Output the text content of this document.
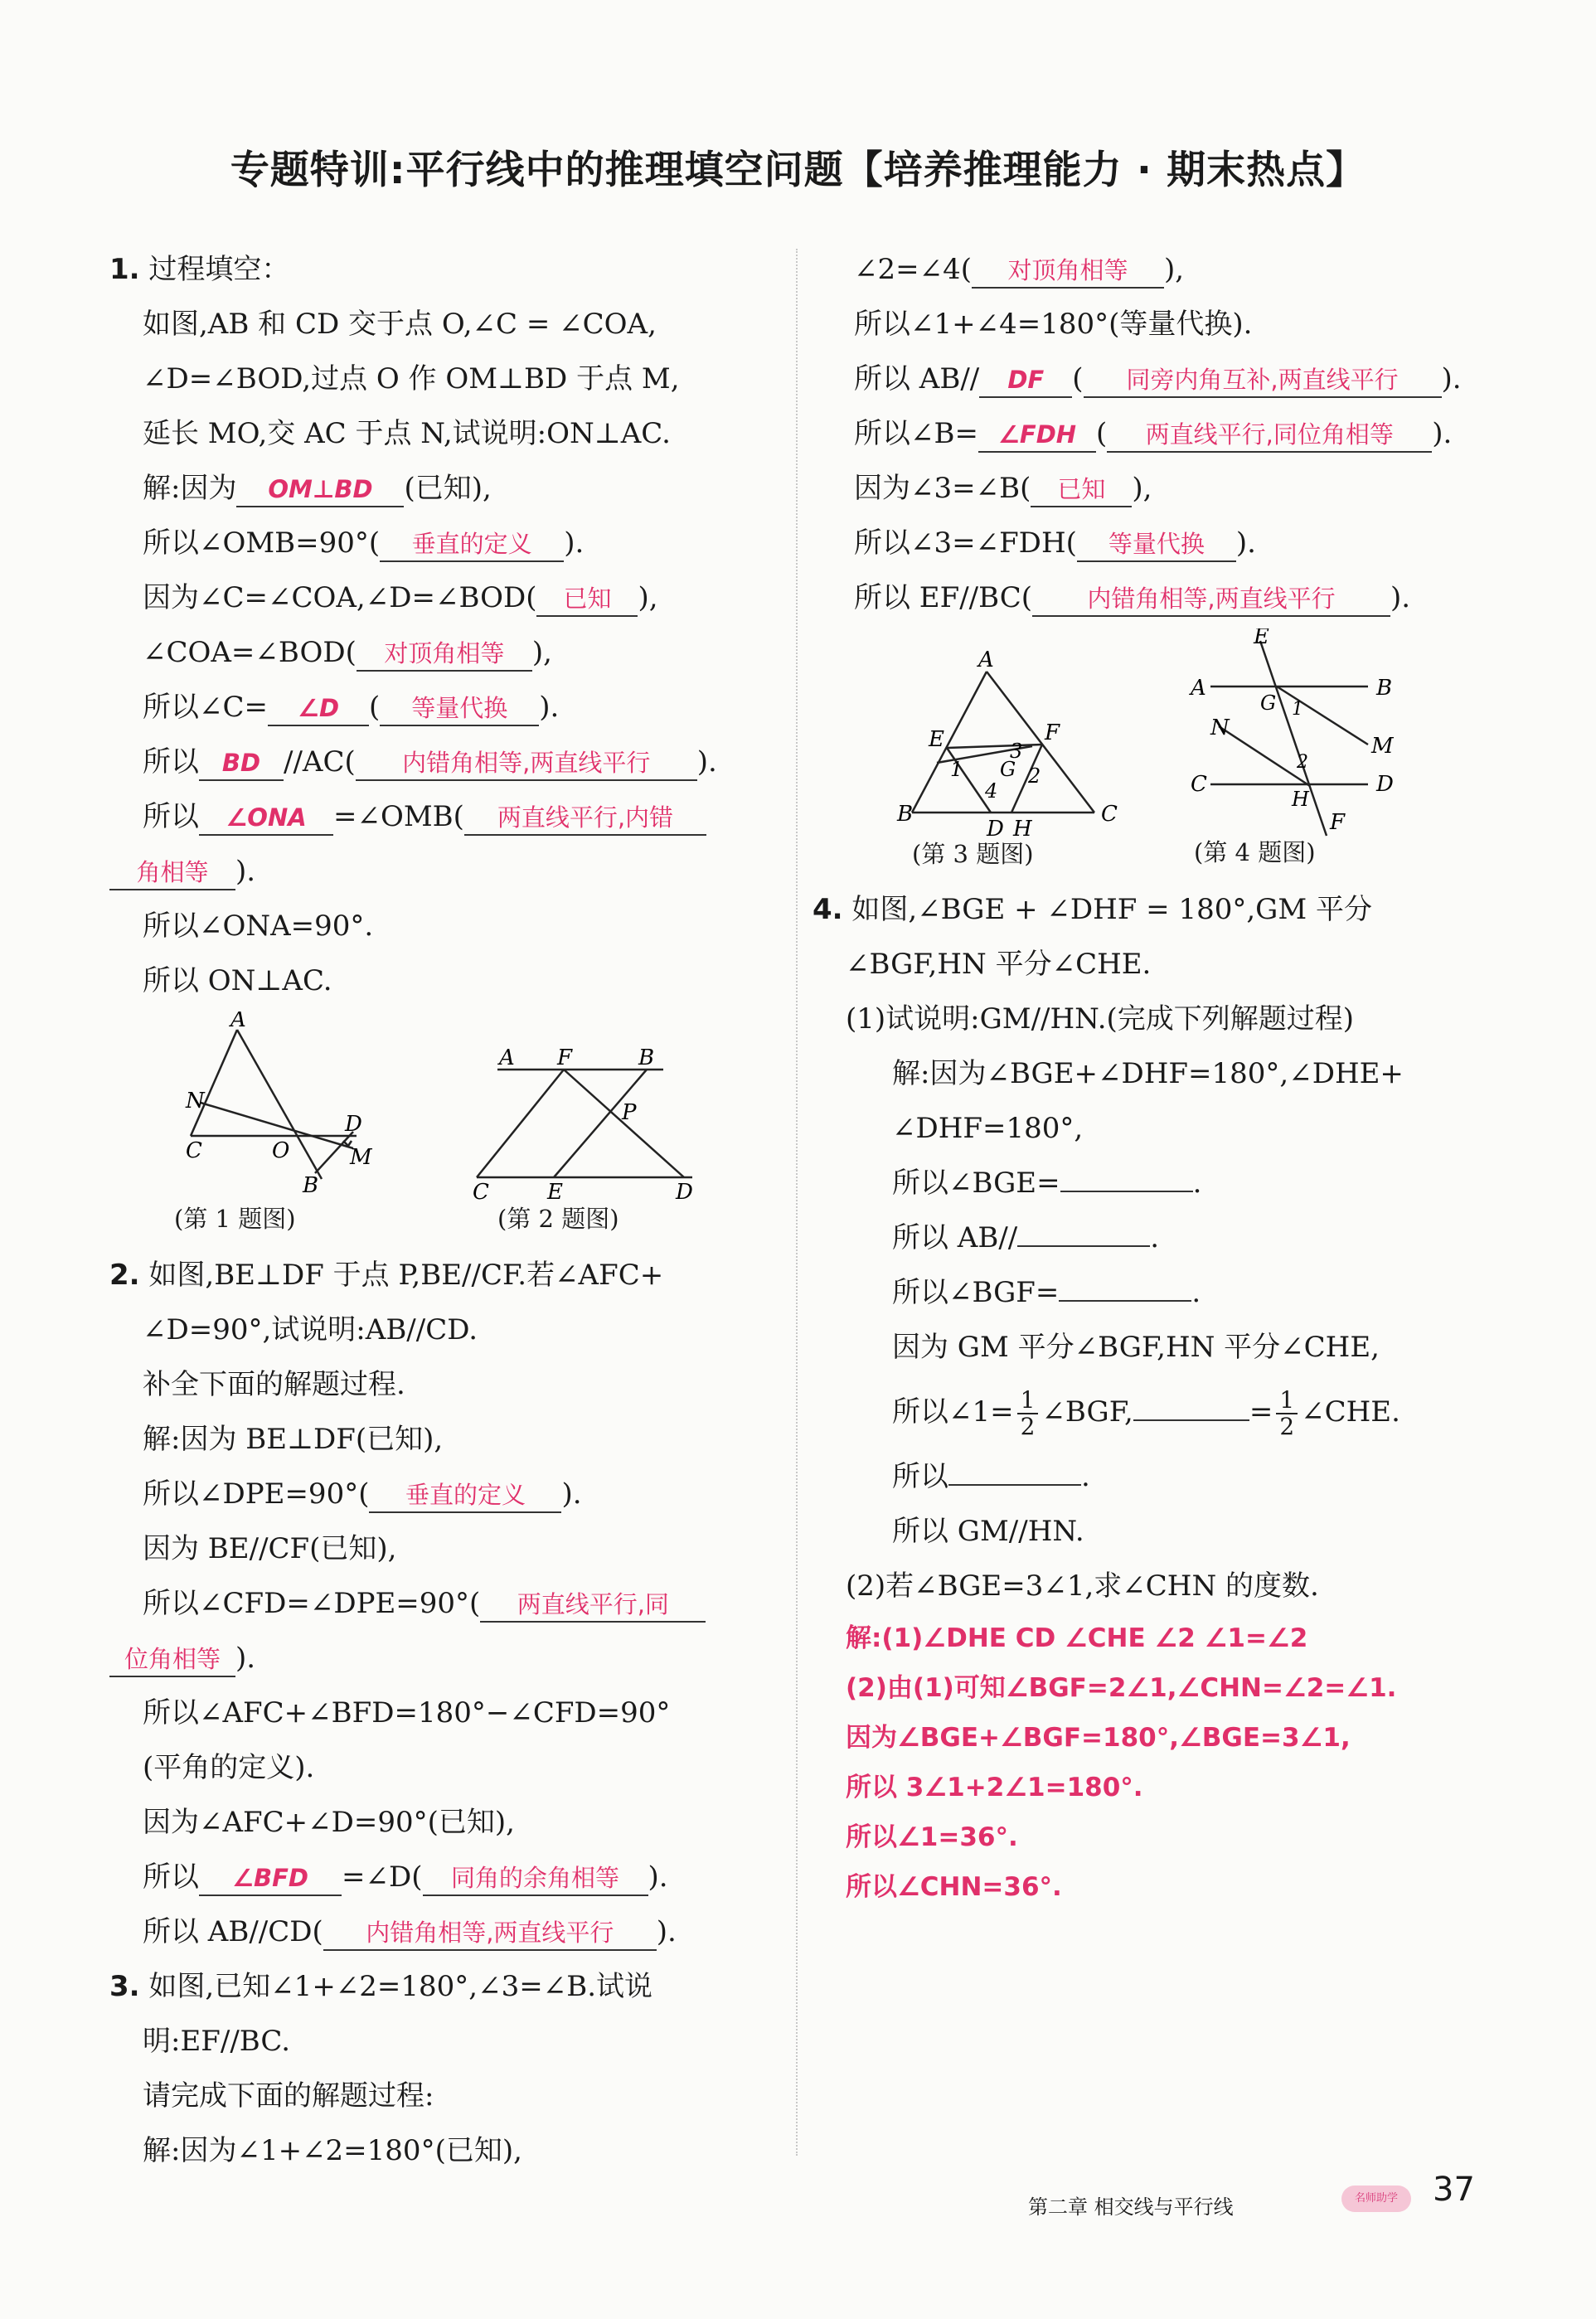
专题特训:平行线中的推理填空问题【培养推理能力 · 期末热点】
1. 过程填空：
如图,AB 和 CD 交于点 O,∠C = ∠COA,
∠D=∠BOD,过点 O 作 OM⊥BD 于点 M,
延长 MO,交 AC 于点 N,试说明:ON⊥AC.
解:因为 OM⊥BD (已知),
所以∠OMB=90°( 垂直的定义 ).
因为∠C=∠COA,∠D=∠BOD( 已知 ),
∠COA=∠BOD( 对顶角相等 ),
所以∠C= ∠D ( 等量代换 ).
所以 BD //AC( 内错角相等,两直线平行 ).
所以 ∠ONA =∠OMB( 两直线平行,内错
角相等 ).
所以∠ONA=90°.
所以 ON⊥AC.
A
N
C	O
D
M
B
(第 1 题图)
A F	B
P
C	E	D
(第 2 题图)
2. 如图,BE⊥DF 于点 P,BE//CF.若∠AFC+
∠D=90°,试说明:AB//CD.
补全下面的解题过程.
解:因为 BE⊥DF(已知),
所以∠DPE=90°( 垂直的定义 ).
因为 BE//CF(已知),
所以∠CFD=∠DPE=90°( 两直线平行,同
位角相等 ).
所以∠AFC+∠BFD=180°−∠CFD=90°
(平角的定义).
因为∠AFC+∠D=90°(已知),
所以 ∠BFD =∠D( 同角的余角相等 ).
所以 AB//CD( 内错角相等,两直线平行 ).
3. 如图,已知∠1+∠2=180°,∠3=∠B.试说
明:EF//BC.
请完成下面的解题过程:
解:因为∠1+∠2=180°(已知),
∠2=∠4( 对顶角相等 ),
所以∠1+∠4=180°(等量代换).
所以 AB// DF ( 同旁内角互补,两直线平行 ).
所以∠B= ∠FDH ( 两直线平行,同位角相等 ).
因为∠3=∠B( 已知 ),
所以∠3=∠FDH( 等量代换 ).
所以 EF//BC( 内错角相等,两直线平行 ).
A
E	F
3
1 G 2
4
B
D H
C
(第 3 题图)
E
A
G 1
B
N
M
2
C
H
D
F
(第 4 题图)
4. 如图,∠BGE + ∠DHF = 180°,GM 平分
∠BGF,HN 平分∠CHE.
(1)试说明:GM//HN.(完成下列解题过程)
解:因为∠BGE+∠DHF=180°,∠DHE+
∠DHF=180°,
所以∠BGE=	.
所以 AB//	.
所以∠BGF=	.
因为 GM 平分∠BGF,HN 平分∠CHE,
所以∠1= $\frac{1}{2}$ ∠BGF,	= $\frac{1}{2}$ ∠CHE.
所以	.
所以 GM//HN.
(2)若∠BGE=3∠1,求∠CHN 的度数.
解:(1)∠DHE CD ∠CHE ∠2 ∠1=∠2
(2)由(1)可知∠BGF=2∠1,∠CHN=∠2=∠1.
因为∠BGE+∠BGF=180°,∠BGE=3∠1,
所以 3∠1+2∠1=180°.
所以∠1=36°.
所以∠CHN=36°.
第二章 相交线与平行线	名师助学	37
